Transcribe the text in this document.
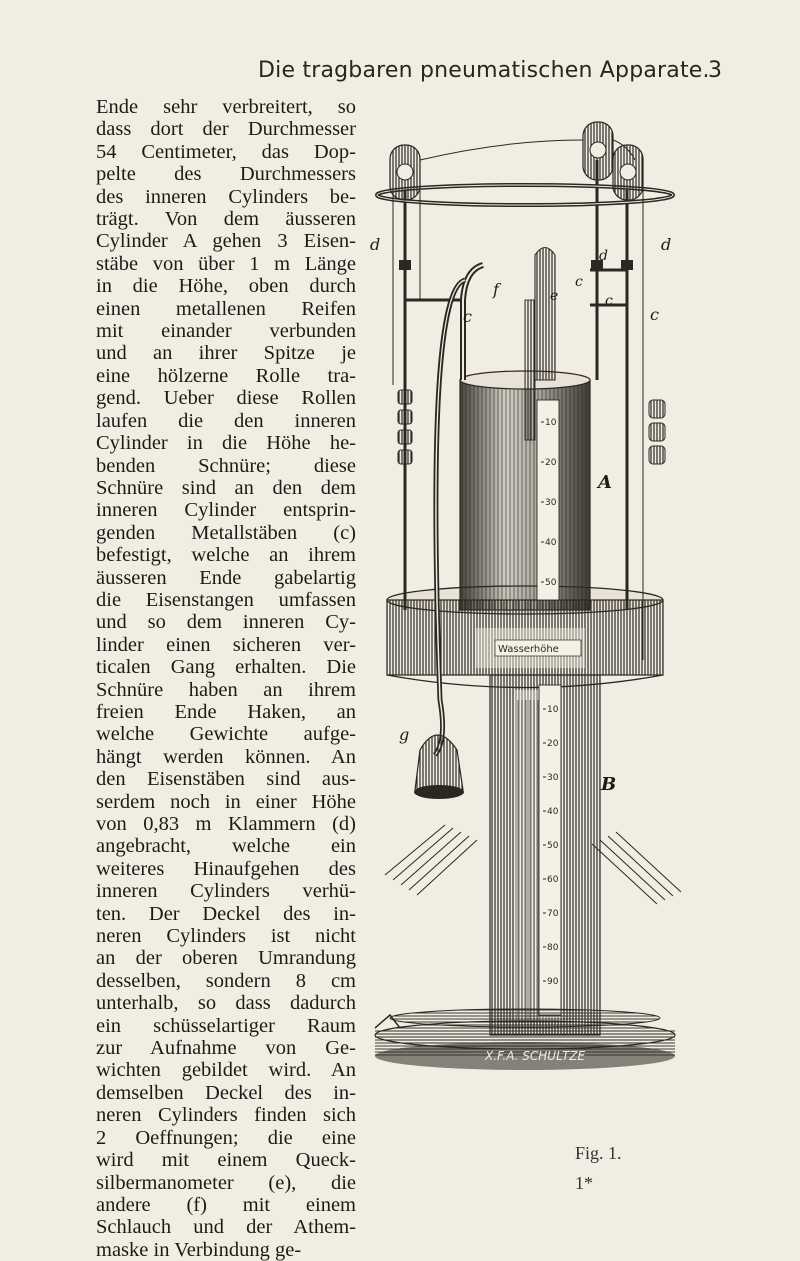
Die tragbaren pneumatischen Apparate.
3
Ende sehr verbreitert, so
dass dort der Durchmesser
54 Centimeter, das Dop-
pelte des Durchmessers
des inneren Cylinders be-
trägt. Von dem äusseren
Cylinder A gehen 3 Eisen-
stäbe von über 1 m Länge
in die Höhe, oben durch
einen metallenen Reifen
mit einander verbunden
und an ihrer Spitze je
eine hölzerne Rolle tra-
gend. Ueber diese Rollen
laufen die den inneren
Cylinder in die Höhe he-
benden Schnüre; diese
Schnüre sind an den dem
inneren Cylinder entsprin-
genden Metallstäben (c)
befestigt, welche an ihrem
äusseren Ende gabelartig
die Eisenstangen umfassen
und so dem inneren Cy-
linder einen sicheren ver-
ticalen Gang erhalten. Die
Schnüre haben an ihrem
freien Ende Haken, an
welche Gewichte aufge-
hängt werden können. An
den Eisenstäben sind aus-
serdem noch in einer Höhe
von 0,83 m Klammern (d)
angebracht, welche ein
weiteres Hinaufgehen des
inneren Cylinders verhü-
ten. Der Deckel des in-
neren Cylinders ist nicht
an der oberen Umrandung
desselben, sondern 8 cm
unterhalb, so dass dadurch
ein schüsselartiger Raum
zur Aufnahme von Ge-
wichten gebildet wird. An
demselben Deckel des in-
neren Cylinders finden sich
2 Oeffnungen; die eine
wird mit einem Queck-
silbermanometer (e), die
andere (f) mit einem
Schlauch und der Athem-
maske in Verbindung ge-
X.F.A. SCHULTZE
10
20
30
40
50
10
20
30
40
50
60
70
80
90
Wasserhöhe
d	d
d
c	c
c
c
e
f
g
A
B
Fig. 1.
1*
